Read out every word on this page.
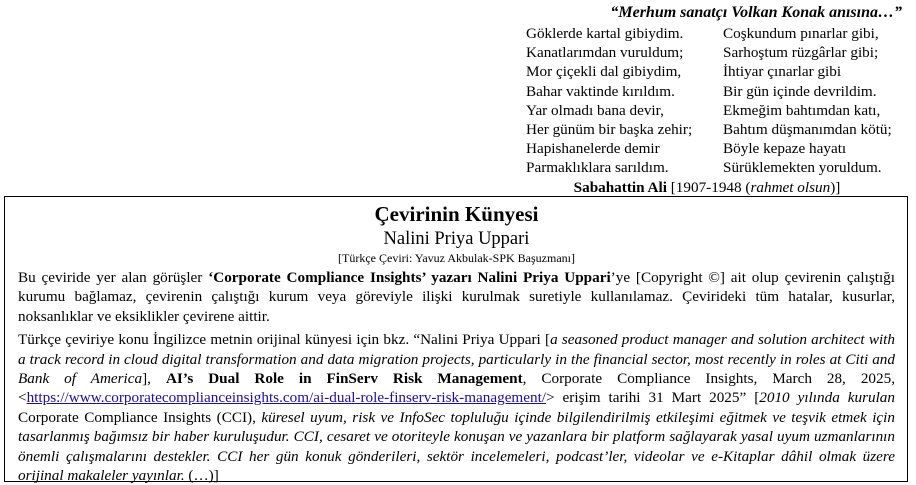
“Merhum sanatçı Volkan Konak anısına…”
Göklerde kartal gibiydim.
Kanatlarımdan vuruldum;
Mor çiçekli dal gibiydim,
Bahar vaktinde kırıldım.
Yar olmadı bana devir,
Her günüm bir başka zehir;
Hapishanelerde demir
Parmaklıklara sarıldım.
Coşkundum pınarlar gibi,
Sarhoştum rüzgârlar gibi;
İhtiyar çınarlar gibi
Bir gün içinde devrildim.
Ekmeğim bahtımdan katı,
Bahtım düşmanımdan kötü;
Böyle kepaze hayatı
Sürüklemekten yoruldum.
Sabahattin Ali [1907-1948 (rahmet olsun)]
Çevirinin Künyesi
Nalini Priya Uppari
[Türkçe Çeviri: Yavuz Akbulak-SPK Başuzmanı]
Bu çeviride yer alan görüşler ‘Corporate Compliance Insights’ yazarı Nalini Priya Uppari’ye [Copyright ©] ait olup çevirenin çalıştığı kurumu bağlamaz, çevirenin çalıştığı kurum veya göreviyle ilişki kurulmak suretiyle kullanılamaz. Çevirideki tüm hatalar, kusurlar, noksanlıklar ve eksiklikler çevirene aittir.
Türkçe çeviriye konu İngilizce metnin orijinal künyesi için bkz. “Nalini Priya Uppari [a seasoned product manager and solution architect with a track record in cloud digital transformation and data migration projects, particularly in the financial sector, most recently in roles at Citi and Bank of America], AI’s Dual Role in FinServ Risk Management, Corporate Compliance Insights, March 28, 2025, <https://www.corporatecomplianceinsights.com/ai-dual-role-finserv-risk-management/> erişim tarihi 31 Mart 2025” [2010 yılında kurulan Corporate Compliance Insights (CCI), küresel uyum, risk ve InfoSec topluluğu içinde bilgilendirilmiş etkileşimi eğitmek ve teşvik etmek için tasarlanmış bağımsız bir haber kuruluşudur. CCI, cesaret ve otoriteyle konuşan ve yazanlara bir platform sağlayarak yasal uyum uzmanlarının önemli çalışmalarını destekler. CCI her gün konuk gönderileri, sektör incelemeleri, podcast’ler, videolar ve e-Kitaplar dâhil olmak üzere orijinal makaleler yayınlar. (…)]
